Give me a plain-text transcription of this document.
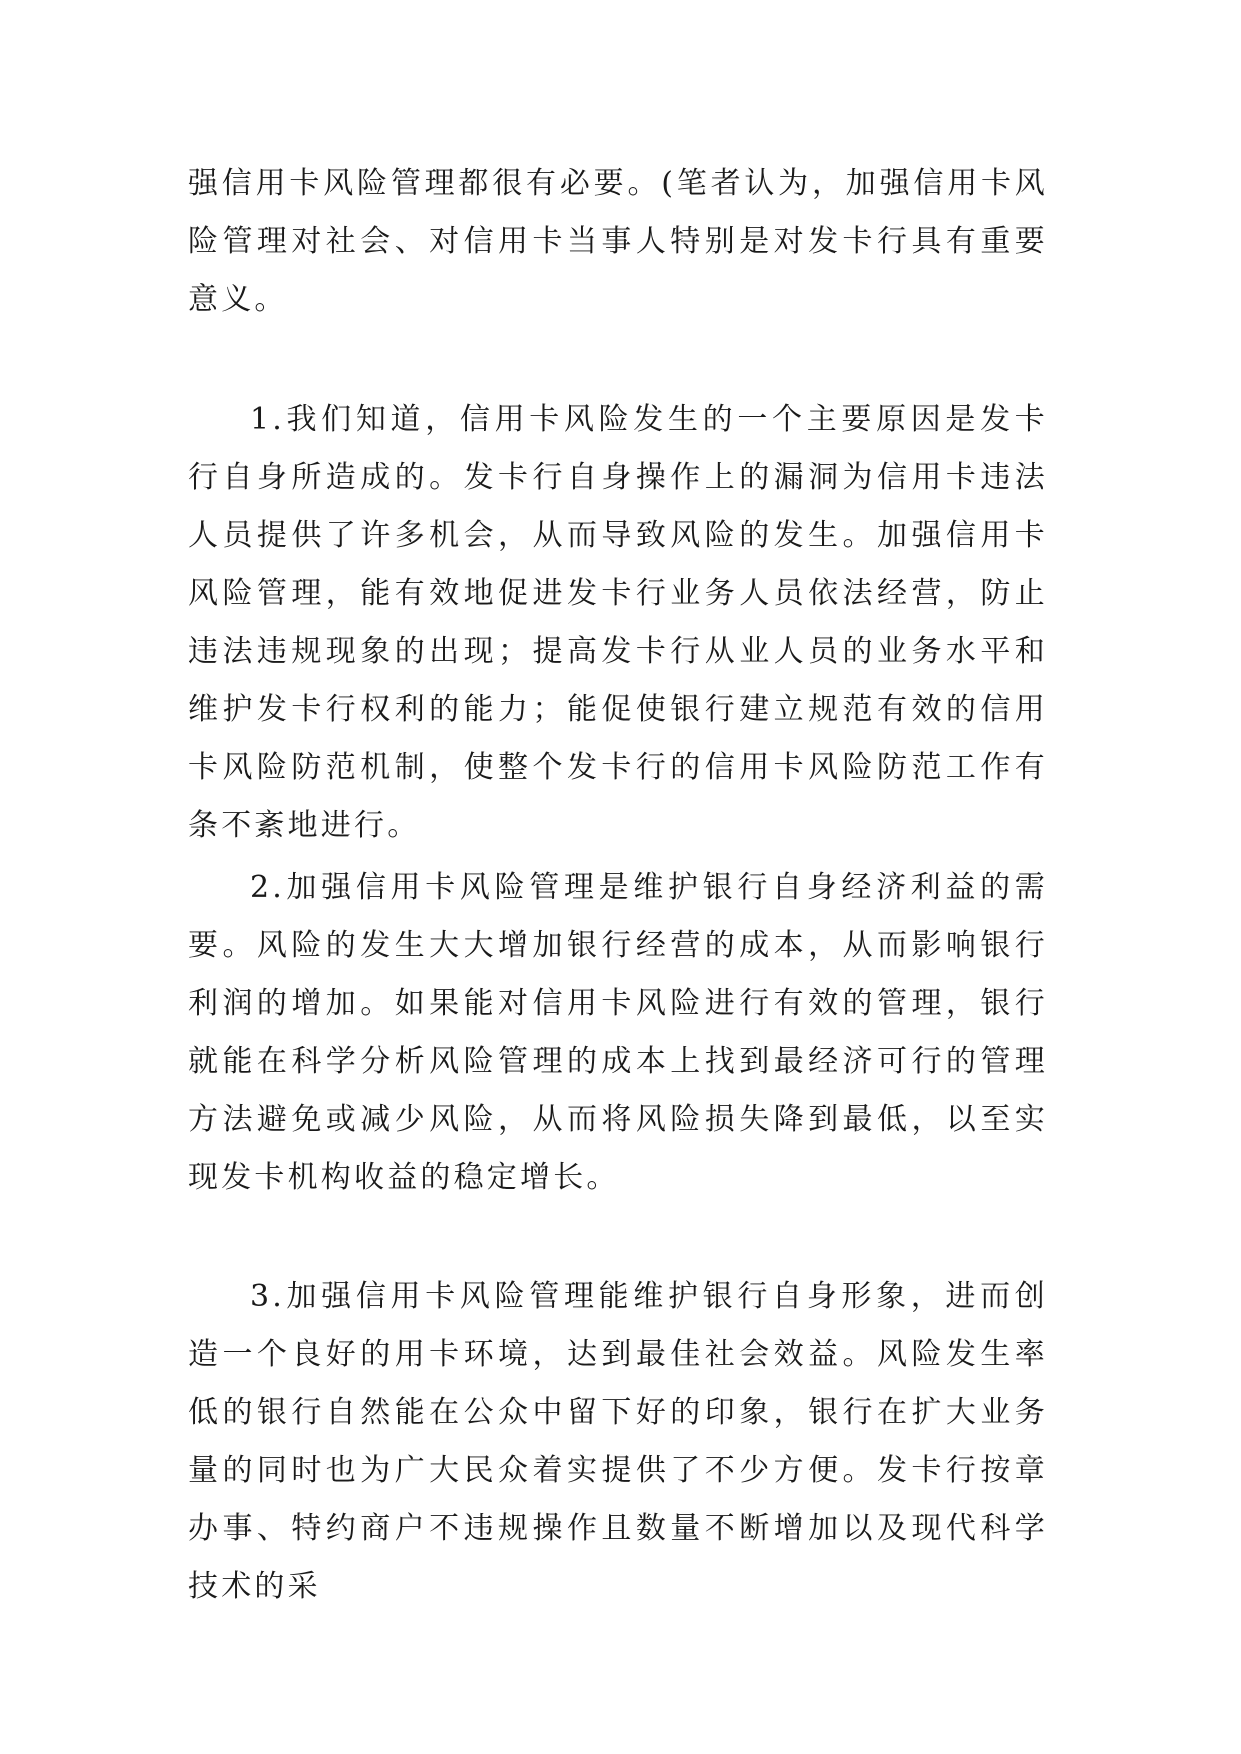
强信用卡风险管理都很有必要。(笔者认为，加强信用卡风险管理对社会、对信用卡当事人特别是对发卡行具有重要意义。

1.我们知道，信用卡风险发生的一个主要原因是发卡行自身所造成的。发卡行自身操作上的漏洞为信用卡违法人员提供了许多机会，从而导致风险的发生。加强信用卡风险管理，能有效地促进发卡行业务人员依法经营，防止违法违规现象的出现；提高发卡行从业人员的业务水平和维护发卡行权利的能力；能促使银行建立规范有效的信用卡风险防范机制，使整个发卡行的信用卡风险防范工作有条不紊地进行。

2.加强信用卡风险管理是维护银行自身经济利益的需要。风险的发生大大增加银行经营的成本，从而影响银行利润的增加。如果能对信用卡风险进行有效的管理，银行就能在科学分析风险管理的成本上找到最经济可行的管理方法避免或减少风险，从而将风险损失降到最低，以至实现发卡机构收益的稳定增长。

3.加强信用卡风险管理能维护银行自身形象，进而创造一个良好的用卡环境，达到最佳社会效益。风险发生率低的银行自然能在公众中留下好的印象，银行在扩大业务量的同时也为广大民众着实提供了不少方便。发卡行按章办事、特约商户不违规操作且数量不断增加以及现代科学技术的采
